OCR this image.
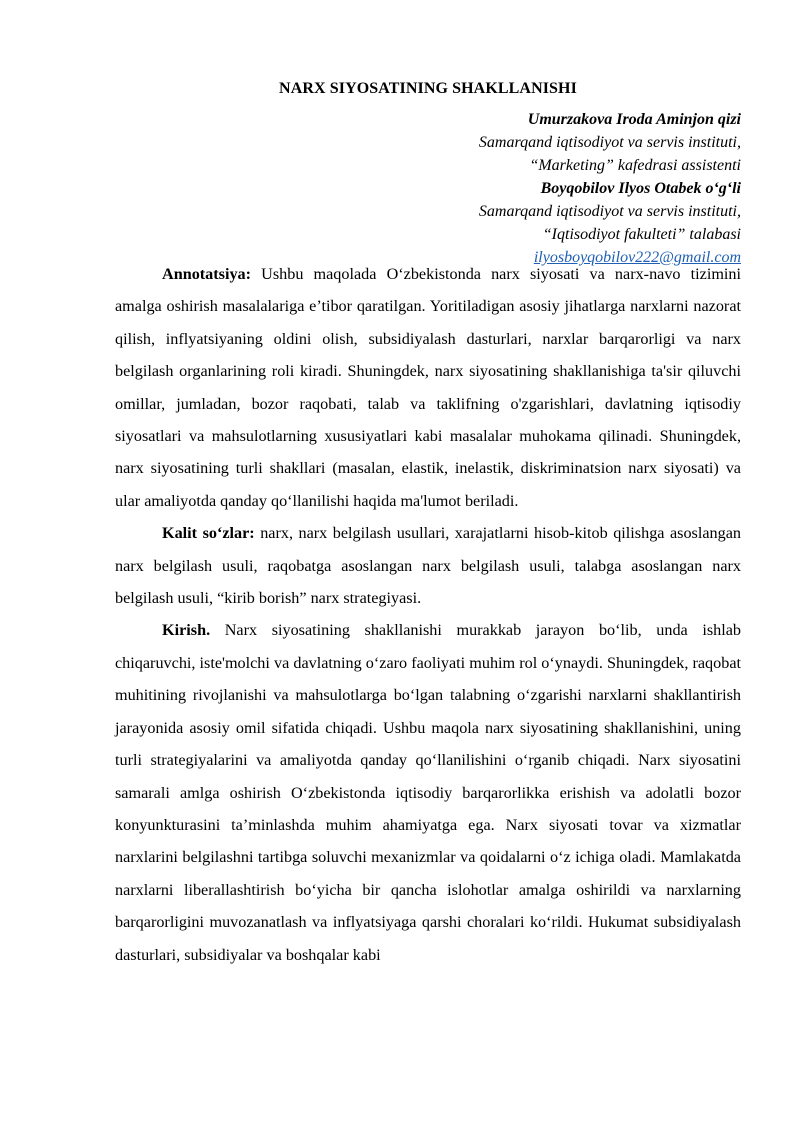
NARX SIYOSATINING SHAKLLANISHI
Umurzakova Iroda Aminjon qizi
Samarqand iqtisodiyot va servis instituti,
“Marketing” kafedrasi assistenti
Boyqobilov Ilyos Otabek o‘g‘li
Samarqand iqtisodiyot va servis instituti,
“Iqtisodiyot fakulteti” talabasi
ilyosboyqobilov222@gmail.com

Annotatsiya: Ushbu maqolada O‘zbekistonda narx siyosati va narx-navo tizimini amalga oshirish masalalariga e’tibor qaratilgan. Yoritiladigan asosiy jihatlarga narxlarni nazorat qilish, inflyatsiyaning oldini olish, subsidiyalash dasturlari, narxlar barqarorligi va narx belgilash organlarining roli kiradi. Shuningdek, narx siyosatining shakllanishiga ta'sir qiluvchi omillar, jumladan, bozor raqobati, talab va taklifning o'zgarishlari, davlatning iqtisodiy siyosatlari va mahsulotlarning xususiyatlari kabi masalalar muhokama qilinadi. Shuningdek, narx siyosatining turli shakllari (masalan, elastik, inelastik, diskriminatsion narx siyosati) va ular amaliyotda qanday qo‘llanilishi haqida ma'lumot beriladi.

Kalit so‘zlar: narx, narx belgilash usullari, xarajatlarni hisob-kitob qilishga asoslangan narx belgilash usuli, raqobatga asoslangan narx belgilash usuli, talabga asoslangan narx belgilash usuli, “kirib borish” narx strategiyasi.

Kirish. Narx siyosatining shakllanishi murakkab jarayon bo‘lib, unda ishlab chiqaruvchi, iste'molchi va davlatning o‘zaro faoliyati muhim rol o‘ynaydi. Shuningdek, raqobat muhitining rivojlanishi va mahsulotlarga bo‘lgan talabning o‘zgarishi narxlarni shakllantirish jarayonida asosiy omil sifatida chiqadi. Ushbu maqola narx siyosatining shakllanishini, uning turli strategiyalarini va amaliyotda qanday qo‘llanilishini o‘rganib chiqadi. Narx siyosatini samarali amlga oshirish O‘zbekistonda iqtisodiy barqarorlikka erishish va adolatli bozor konyunkturasini ta’minlashda muhim ahamiyatga ega. Narx siyosati tovar va xizmatlar narxlarini belgilashni tartibga soluvchi mexanizmlar va qoidalarni o‘z ichiga oladi. Mamlakatda narxlarni liberallashtirish bo‘yicha bir qancha islohotlar amalga oshirildi va narxlarning barqarorligini muvozanatlash va inflyatsiyaga qarshi choralari ko‘rildi. Hukumat subsidiyalash dasturlari, subsidiyalar va boshqalar kabi
